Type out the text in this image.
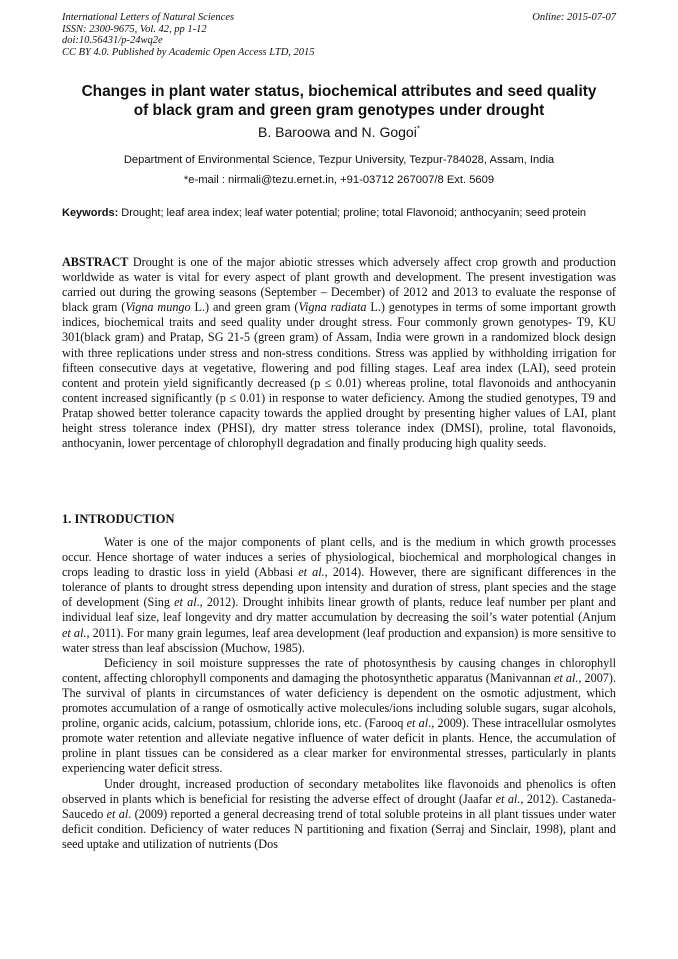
International Letters of Natural Sciences
ISSN: 2300-9675, Vol. 42, pp 1-12
doi:10.56431/p-24wq2e
CC BY 4.0. Published by Academic Open Access LTD, 2015
Online: 2015-07-07
Changes in plant water status, biochemical attributes and seed quality
of black gram and green gram genotypes under drought
B. Baroowa and N. Gogoi*
Department of Environmental Science, Tezpur University, Tezpur-784028, Assam, India
*e-mail : nirmali@tezu.ernet.in, +91-03712 267007/8 Ext. 5609
Keywords: Drought; leaf area index; leaf water potential; proline; total Flavonoid; anthocyanin; seed protein
ABSTRACT Drought is one of the major abiotic stresses which adversely affect crop growth and production worldwide as water is vital for every aspect of plant growth and development. The present investigation was carried out during the growing seasons (September – December) of 2012 and 2013 to evaluate the response of black gram (Vigna mungo L.) and green gram (Vigna radiata L.) genotypes in terms of some important growth indices, biochemical traits and seed quality under drought stress. Four commonly grown genotypes- T9, KU 301(black gram) and Pratap, SG 21-5 (green gram) of Assam, India were grown in a randomized block design with three replications under stress and non-stress conditions. Stress was applied by withholding irrigation for fifteen consecutive days at vegetative, flowering and pod filling stages. Leaf area index (LAI), seed protein content and protein yield significantly decreased (p ≤ 0.01) whereas proline, total flavonoids and anthocyanin content increased significantly (p ≤ 0.01) in response to water deficiency. Among the studied genotypes, T9 and Pratap showed better tolerance capacity towards the applied drought by presenting higher values of LAI, plant height stress tolerance index (PHSI), dry matter stress tolerance index (DMSI), proline, total flavonoids, anthocyanin, lower percentage of chlorophyll degradation and finally producing high quality seeds.
1. INTRODUCTION

Water is one of the major components of plant cells, and is the medium in which growth processes occur. Hence shortage of water induces a series of physiological, biochemical and morphological changes in crops leading to drastic loss in yield (Abbasi et al., 2014). However, there are significant differences in the tolerance of plants to drought stress depending upon intensity and duration of stress, plant species and the stage of development (Sing et al., 2012). Drought inhibits linear growth of plants, reduce leaf number per plant and individual leaf size, leaf longevity and dry matter accumulation by decreasing the soil’s water potential (Anjum et al., 2011). For many grain legumes, leaf area development (leaf production and expansion) is more sensitive to water stress than leaf abscission (Muchow, 1985).

Deficiency in soil moisture suppresses the rate of photosynthesis by causing changes in chlorophyll content, affecting chlorophyll components and damaging the photosynthetic apparatus (Manivannan et al., 2007). The survival of plants in circumstances of water deficiency is dependent on the osmotic adjustment, which promotes accumulation of a range of osmotically active molecules/ions including soluble sugars, sugar alcohols, proline, organic acids, calcium, potassium, chloride ions, etc. (Farooq et al., 2009). These intracellular osmolytes promote water retention and alleviate negative influence of water deficit in plants. Hence, the accumulation of proline in plant tissues can be considered as a clear marker for environmental stresses, particularly in plants experiencing water deficit stress.

Under drought, increased production of secondary metabolites like flavonoids and phenolics is often observed in plants which is beneficial for resisting the adverse effect of drought (Jaafar et al., 2012). Castaneda-Saucedo et al. (2009) reported a general decreasing trend of total soluble proteins in all plant tissues under water deficit condition. Deficiency of water reduces N partitioning and fixation (Serraj and Sinclair, 1998), plant and seed uptake and utilization of nutrients (Dos
